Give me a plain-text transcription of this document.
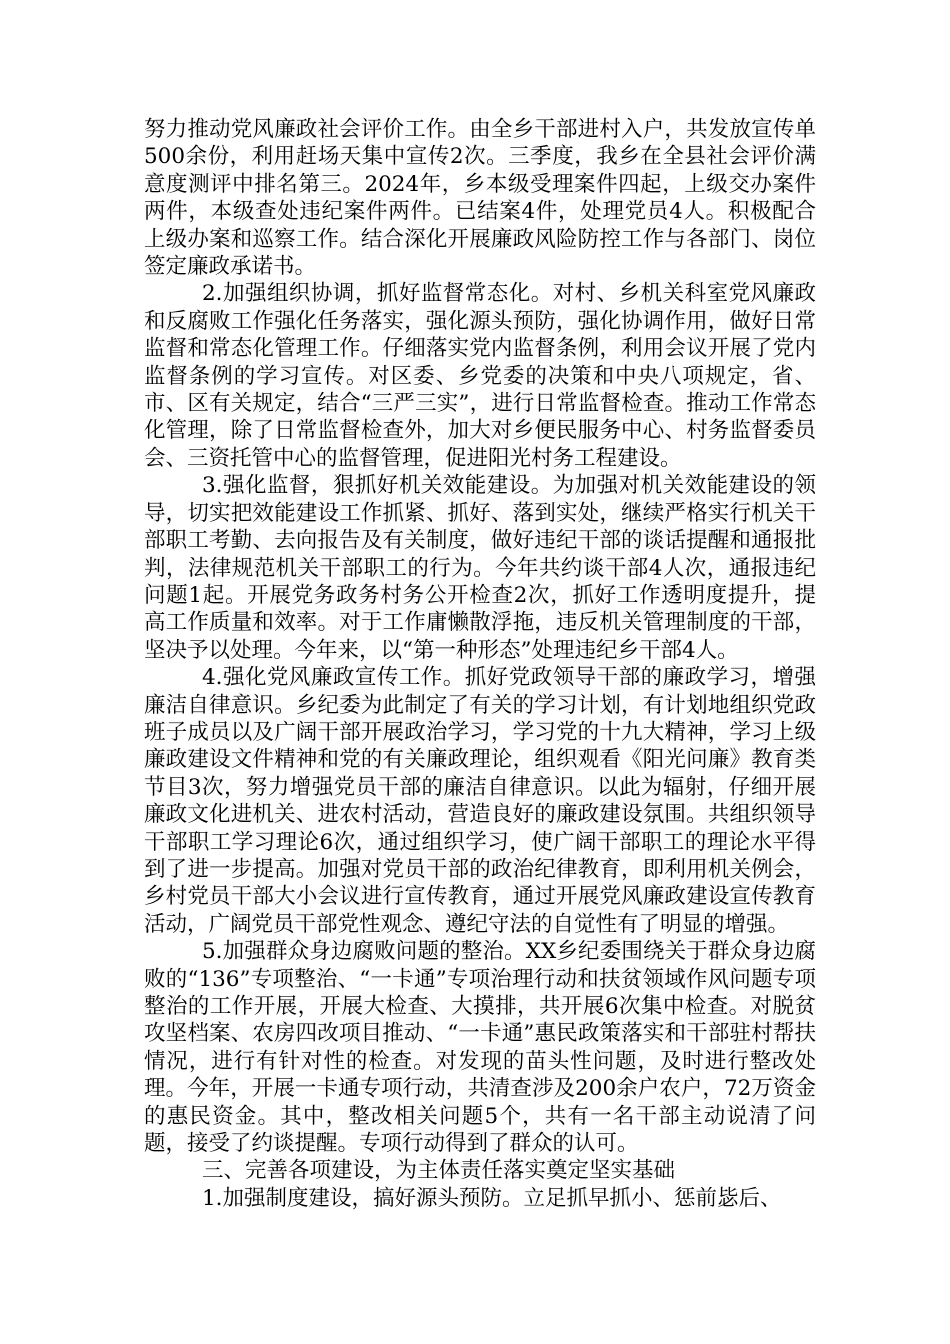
努力推动党风廉政社会评价工作。由全乡干部进村入户，共发放宣传单500余份，利用赶场天集中宣传2次。三季度，我乡在全县社会评价满意度测评中排名第三。2024年，乡本级受理案件四起，上级交办案件两件，本级查处违纪案件两件。已结案4件，处理党员4人。积极配合上级办案和巡察工作。结合深化开展廉政风险防控工作与各部门、岗位签定廉政承诺书。

2.加强组织协调，抓好监督常态化。对村、乡机关科室党风廉政和反腐败工作强化任务落实，强化源头预防，强化协调作用，做好日常监督和常态化管理工作。仔细落实党内监督条例，利用会议开展了党内监督条例的学习宣传。对区委、乡党委的决策和中央八项规定，省、市、区有关规定，结合“三严三实”，进行日常监督检查。推动工作常态化管理，除了日常监督检查外，加大对乡便民服务中心、村务监督委员会、三资托管中心的监督管理，促进阳光村务工程建设。

3.强化监督，狠抓好机关效能建设。为加强对机关效能建设的领导，切实把效能建设工作抓紧、抓好、落到实处，继续严格实行机关干部职工考勤、去向报告及有关制度，做好违纪干部的谈话提醒和通报批判，法律规范机关干部职工的行为。今年共约谈干部4人次，通报违纪问题1起。开展党务政务村务公开检查2次，抓好工作透明度提升，提高工作质量和效率。对于工作庸懒散浮拖，违反机关管理制度的干部，坚决予以处理。今年来，以“第一种形态”处理违纪乡干部4人。

4.强化党风廉政宣传工作。抓好党政领导干部的廉政学习，增强廉洁自律意识。乡纪委为此制定了有关的学习计划，有计划地组织党政班子成员以及广阔干部开展政治学习，学习党的十九大精神，学习上级廉政建设文件精神和党的有关廉政理论，组织观看《阳光问廉》教育类节目3次，努力增强党员干部的廉洁自律意识。以此为辐射，仔细开展廉政文化进机关、进农村活动，营造良好的廉政建设氛围。共组织领导干部职工学习理论6次，通过组织学习，使广阔干部职工的理论水平得到了进一步提高。加强对党员干部的政治纪律教育，即利用机关例会，乡村党员干部大小会议进行宣传教育，通过开展党风廉政建设宣传教育活动，广阔党员干部党性观念、遵纪守法的自觉性有了明显的增强。

5.加强群众身边腐败问题的整治。XX乡纪委围绕关于群众身边腐败的“136”专项整治、“一卡通”专项治理行动和扶贫领域作风问题专项整治的工作开展，开展大检查、大摸排，共开展6次集中检查。对脱贫攻坚档案、农房四改项目推动、“一卡通”惠民政策落实和干部驻村帮扶情况，进行有针对性的检查。对发现的苗头性问题，及时进行整改处理。今年，开展一卡通专项行动，共清查涉及200余户农户，72万资金的惠民资金。其中，整改相关问题5个，共有一名干部主动说清了问题，接受了约谈提醒。专项行动得到了群众的认可。

三、完善各项建设，为主体责任落实奠定坚实基础

1.加强制度建设，搞好源头预防。立足抓早抓小、惩前毖后、
